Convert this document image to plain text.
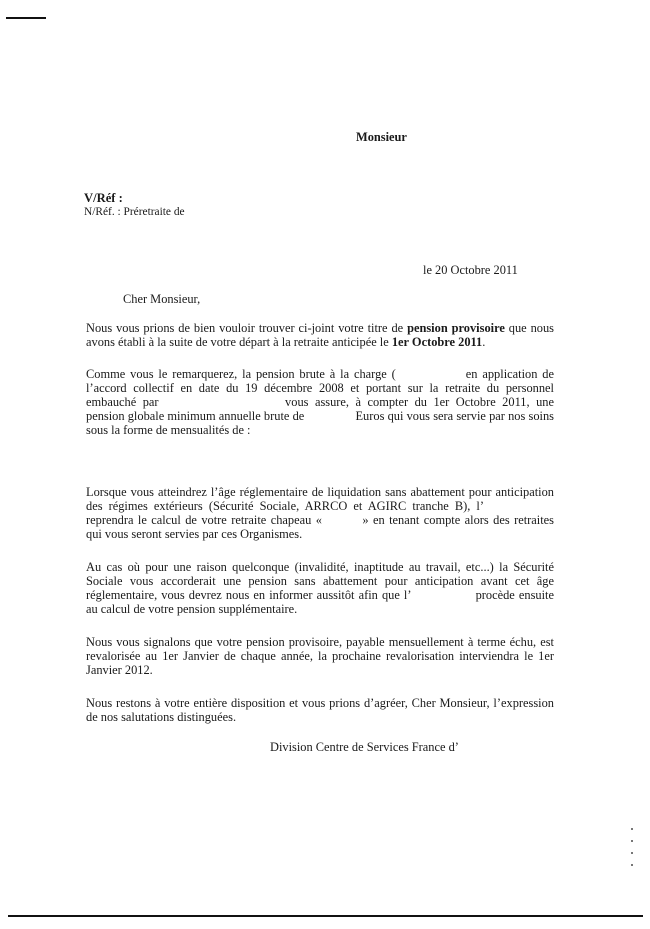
Monsieur
V/Réf :
N/Réf. : Préretraite de
le 20 Octobre 2011
Cher Monsieur,
Nous vous prions de bien vouloir trouver ci-joint votre titre de pension provisoire que nous avons établi à la suite de votre départ à la retraite anticipée le 1er Octobre 2011.
Comme vous le remarquerez, la pension brute à la charge (	en application de l’accord collectif en date du 19 décembre 2008 et portant sur la retraite du personnel embauché par	vous assure, à compter du 1er Octobre 2011, une pension globale minimum annuelle brute de	Euros qui vous sera servie par nos soins sous la forme de mensualités de :
Lorsque vous atteindrez l’âge réglementaire de liquidation sans abattement pour anticipation des régimes extérieurs (Sécurité Sociale, ARRCO et AGIRC tranche B), l’ reprendra le calcul de votre retraite chapeau «	» en tenant compte alors des retraites qui vous seront servies par ces Organismes.
Au cas où pour une raison quelconque (invalidité, inaptitude au travail, etc...) la Sécurité Sociale vous accorderait une pension sans abattement pour anticipation avant cet âge réglementaire, vous devrez nous en informer aussitôt afin que l’	procède ensuite au calcul de votre pension supplémentaire.
Nous vous signalons que votre pension provisoire, payable mensuellement à terme échu, est revalorisée au 1er Janvier de chaque année, la prochaine revalorisation interviendra le 1er Janvier 2012.
Nous restons à votre entière disposition et vous prions d’agréer, Cher Monsieur, l’expression de nos salutations distinguées.
Division Centre de Services France d’
